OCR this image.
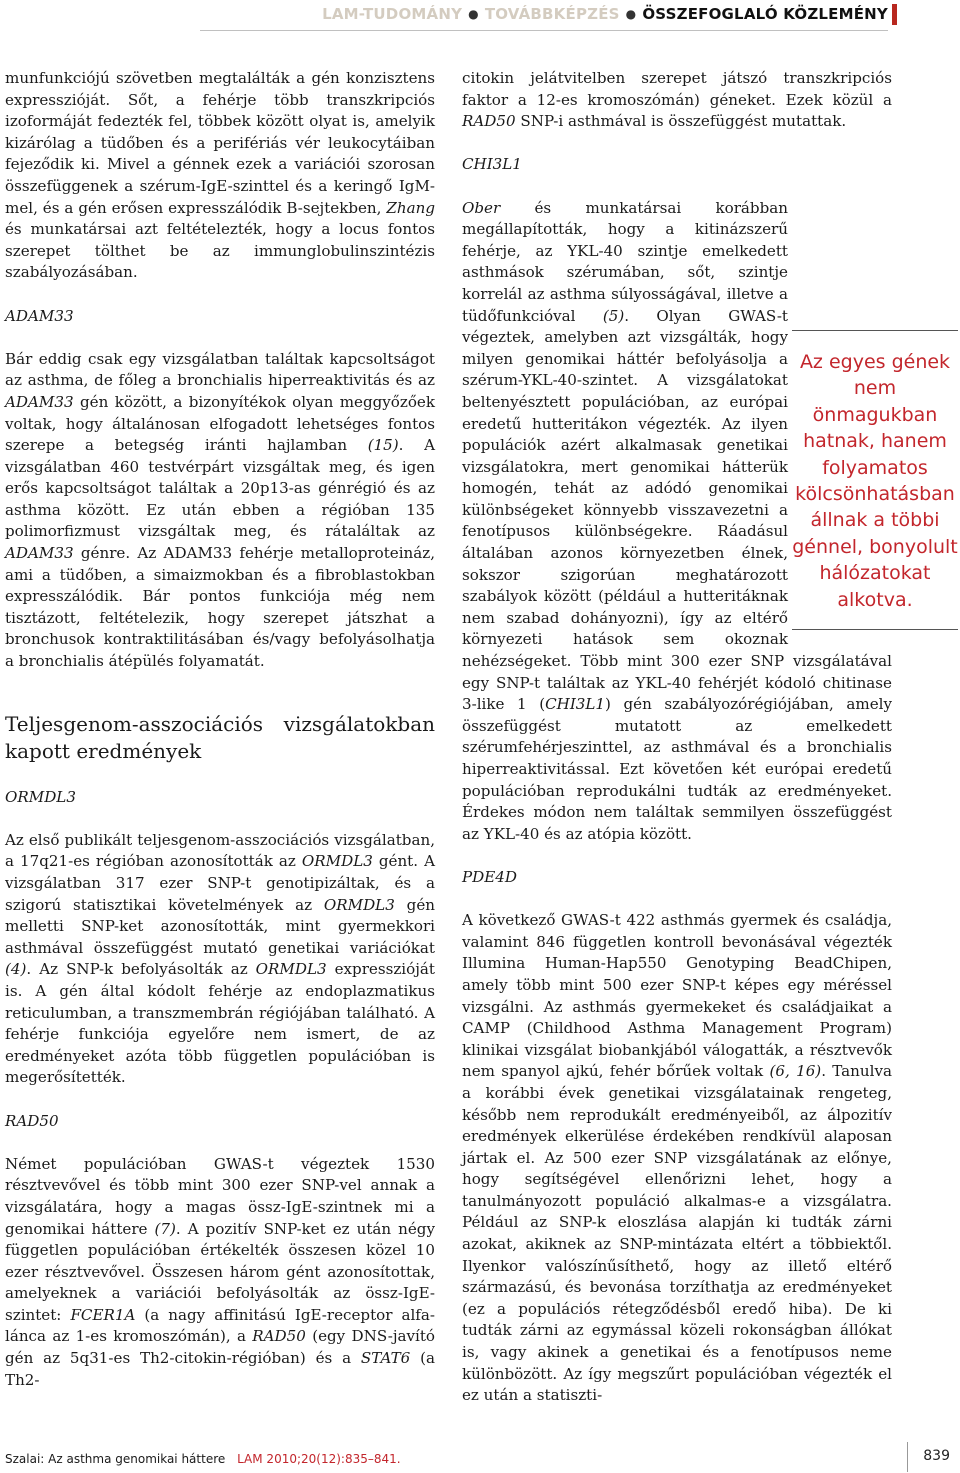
LAM-TUDOMÁNY ● TOVÁBBKÉPZÉS ● ÖSSZEFOGLALÓ KÖZLEMÉNY

munfunkciójú szövetben megtalálták a gén konzisztens expresszióját. Sőt, a fehérje több transzkripciós izoformáját fedezték fel, többek között olyat is, amelyik kizárólag a tüdőben és a perifériás vér leukocytáiban fejeződik ki. Mivel a génnek ezek a variációi szorosan összefüggenek a szérum-IgE-szinttel és a keringő IgM-mel, és a gén erősen expresszálódik B-sejtekben, Zhang és munkatársai azt feltételezték, hogy a locus fontos szerepet tölthet be az immunglobulinszintézis szabályozásában.

ADAM33

Bár eddig csak egy vizsgálatban találtak kapcsoltságot az asthma, de főleg a bronchialis hiperreaktivitás és az ADAM33 gén között, a bizonyítékok olyan meggyőzőek voltak, hogy általánosan elfogadott lehetséges fontos szerepe a betegség iránti hajlamban (15). A vizsgálatban 460 testvérpárt vizsgáltak meg, és igen erős kapcsoltságot találtak a 20p13-as génrégió és az asthma között. Ez után ebben a régióban 135 polimorfizmust vizsgáltak meg, és rátaláltak az ADAM33 génre. Az ADAM33 fehérje metalloproteináz, ami a tüdőben, a simaizmokban és a fibroblastokban expresszálódik. Bár pontos funkciója még nem tisztázott, feltételezik, hogy szerepet játszhat a bronchusok kontraktilitásában és/vagy befolyásolhatja a bronchialis átépülés folyamatát.

Teljesgenom-asszociációs vizsgálatokban kapott eredmények

ORMDL3

Az első publikált teljesgenom-asszociációs vizsgálatban, a 17q21-es régióban azonosították az ORMDL3 gént. A vizsgálatban 317 ezer SNP-t genotipizáltak, és a szigorú statisztikai követelmények az ORMDL3 gén melletti SNP-ket azonosították, mint gyermekkori asthmával összefüggést mutató genetikai variációkat (4). Az SNP-k befolyásolták az ORMDL3 expresszióját is. A gén által kódolt fehérje az endoplazmatikus reticulumban, a transzmembrán régiójában található. A fehérje funkciója egyelőre nem ismert, de az eredményeket azóta több független populációban is megerősítették.

RAD50

Német populációban GWAS-t végeztek 1530 résztvevővel és több mint 300 ezer SNP-vel annak a vizsgálatára, hogy a magas össz-IgE-szintnek mi a genomikai háttere (7). A pozitív SNP-ket ez után négy független populációban értékelték összesen közel 10 ezer résztvevővel. Összesen három gént azonosítottak, amelyeknek a variációi befolyásolták az össz-IgE-szintet: FCER1A (a nagy affinitású IgE-receptor alfa-lánca az 1-es kromoszómán), a RAD50 (egy DNS-javító gén az 5q31-es Th2-citokin-régióban) és a STAT6 (a Th2-

citokin jelátvitelben szerepet játszó transzkripciós faktor a 12-es kromoszómán) géneket. Ezek közül a RAD50 SNP-i asthmával is összefüggést mutattak.

CHI3L1

Ober és munkatársai korábban megállapították, hogy a kitinázszerű fehérje, az YKL-40 szintje emelkedett asthmások szérumában, sőt, szintje korrelál az asthma súlyosságával, illetve a tüdőfunkcióval (5). Olyan GWAS-t végeztek, amelyben azt vizsgálták, hogy milyen genomikai háttér befolyásolja a szérum-YKL-40-szintet. A vizsgálatokat beltenyésztett populációban, az európai eredetű hutteritákon végezték. Az ilyen populációk azért alkalmasak genetikai vizsgálatokra, mert genomikai hátterük homogén, tehát az adódó genomikai különbségeket könnyebb visszavezetni a fenotípusos különbségekre. Ráadásul általában azonos környezetben élnek, sokszor szigorúan meghatározott szabályok között (például a hutteritáknak nem szabad dohányozni), így az eltérő környezeti hatások sem okoznak nehézségeket. Több mint 300 ezer SNP vizsgálatával egy SNP-t találtak az YKL-40 fehérjét kódoló chitinase 3-like 1 (CHI3L1) gén szabályozórégiójában, amely összefüggést mutatott az emelkedett szérumfehérjeszinttel, az asthmával és a bronchialis hiperreaktivitással. Ezt követően két európai eredetű populációban reprodukálni tudták az eredményeket. Érdekes módon nem találtak semmilyen összefüggést az YKL-40 és az atópia között.

PDE4D

A következő GWAS-t 422 asthmás gyermek és családja, valamint 846 független kontroll bevonásával végezték Illumina Human-Hap550 Genotyping BeadChipen, amely több mint 500 ezer SNP-t képes egy méréssel vizsgálni. Az asthmás gyermekeket és családjaikat a CAMP (Childhood Asthma Management Program) klinikai vizsgálat biobankjából válogatták, a résztvevők nem spanyol ajkú, fehér bőrűek voltak (6, 16). Tanulva a korábbi évek genetikai vizsgálatainak rengeteg, később nem reprodukált eredményeiből, az álpozitív eredmények elkerülése érdekében rendkívül alaposan jártak el. Az 500 ezer SNP vizsgálatának az előnye, hogy segítségével ellenőrizni lehet, hogy a tanulmányozott populáció alkalmas-e a vizsgálatra. Például az SNP-k eloszlása alapján ki tudták zárni azokat, akiknek az SNP-mintázata eltért a többiektől. Ilyenkor valószínűsíthető, hogy az illető eltérő származású, és bevonása torzíthatja az eredményeket (ez a populációs rétegződésből eredő hiba). De ki tudták zárni az egymással közeli rokonságban állókat is, vagy akinek a genetikai és a fenotípusos neme különbözött. Az így megszűrt populációban végezték el ez után a statiszti-

Az egyes gének nem önmagukban hatnak, hanem folyamatos kölcsönhatásban állnak a többi génnel, bonyolult hálózatokat alkotva.
Szalai: Az asthma genomikai háttere LAM 2010;20(12):835–841.	839
